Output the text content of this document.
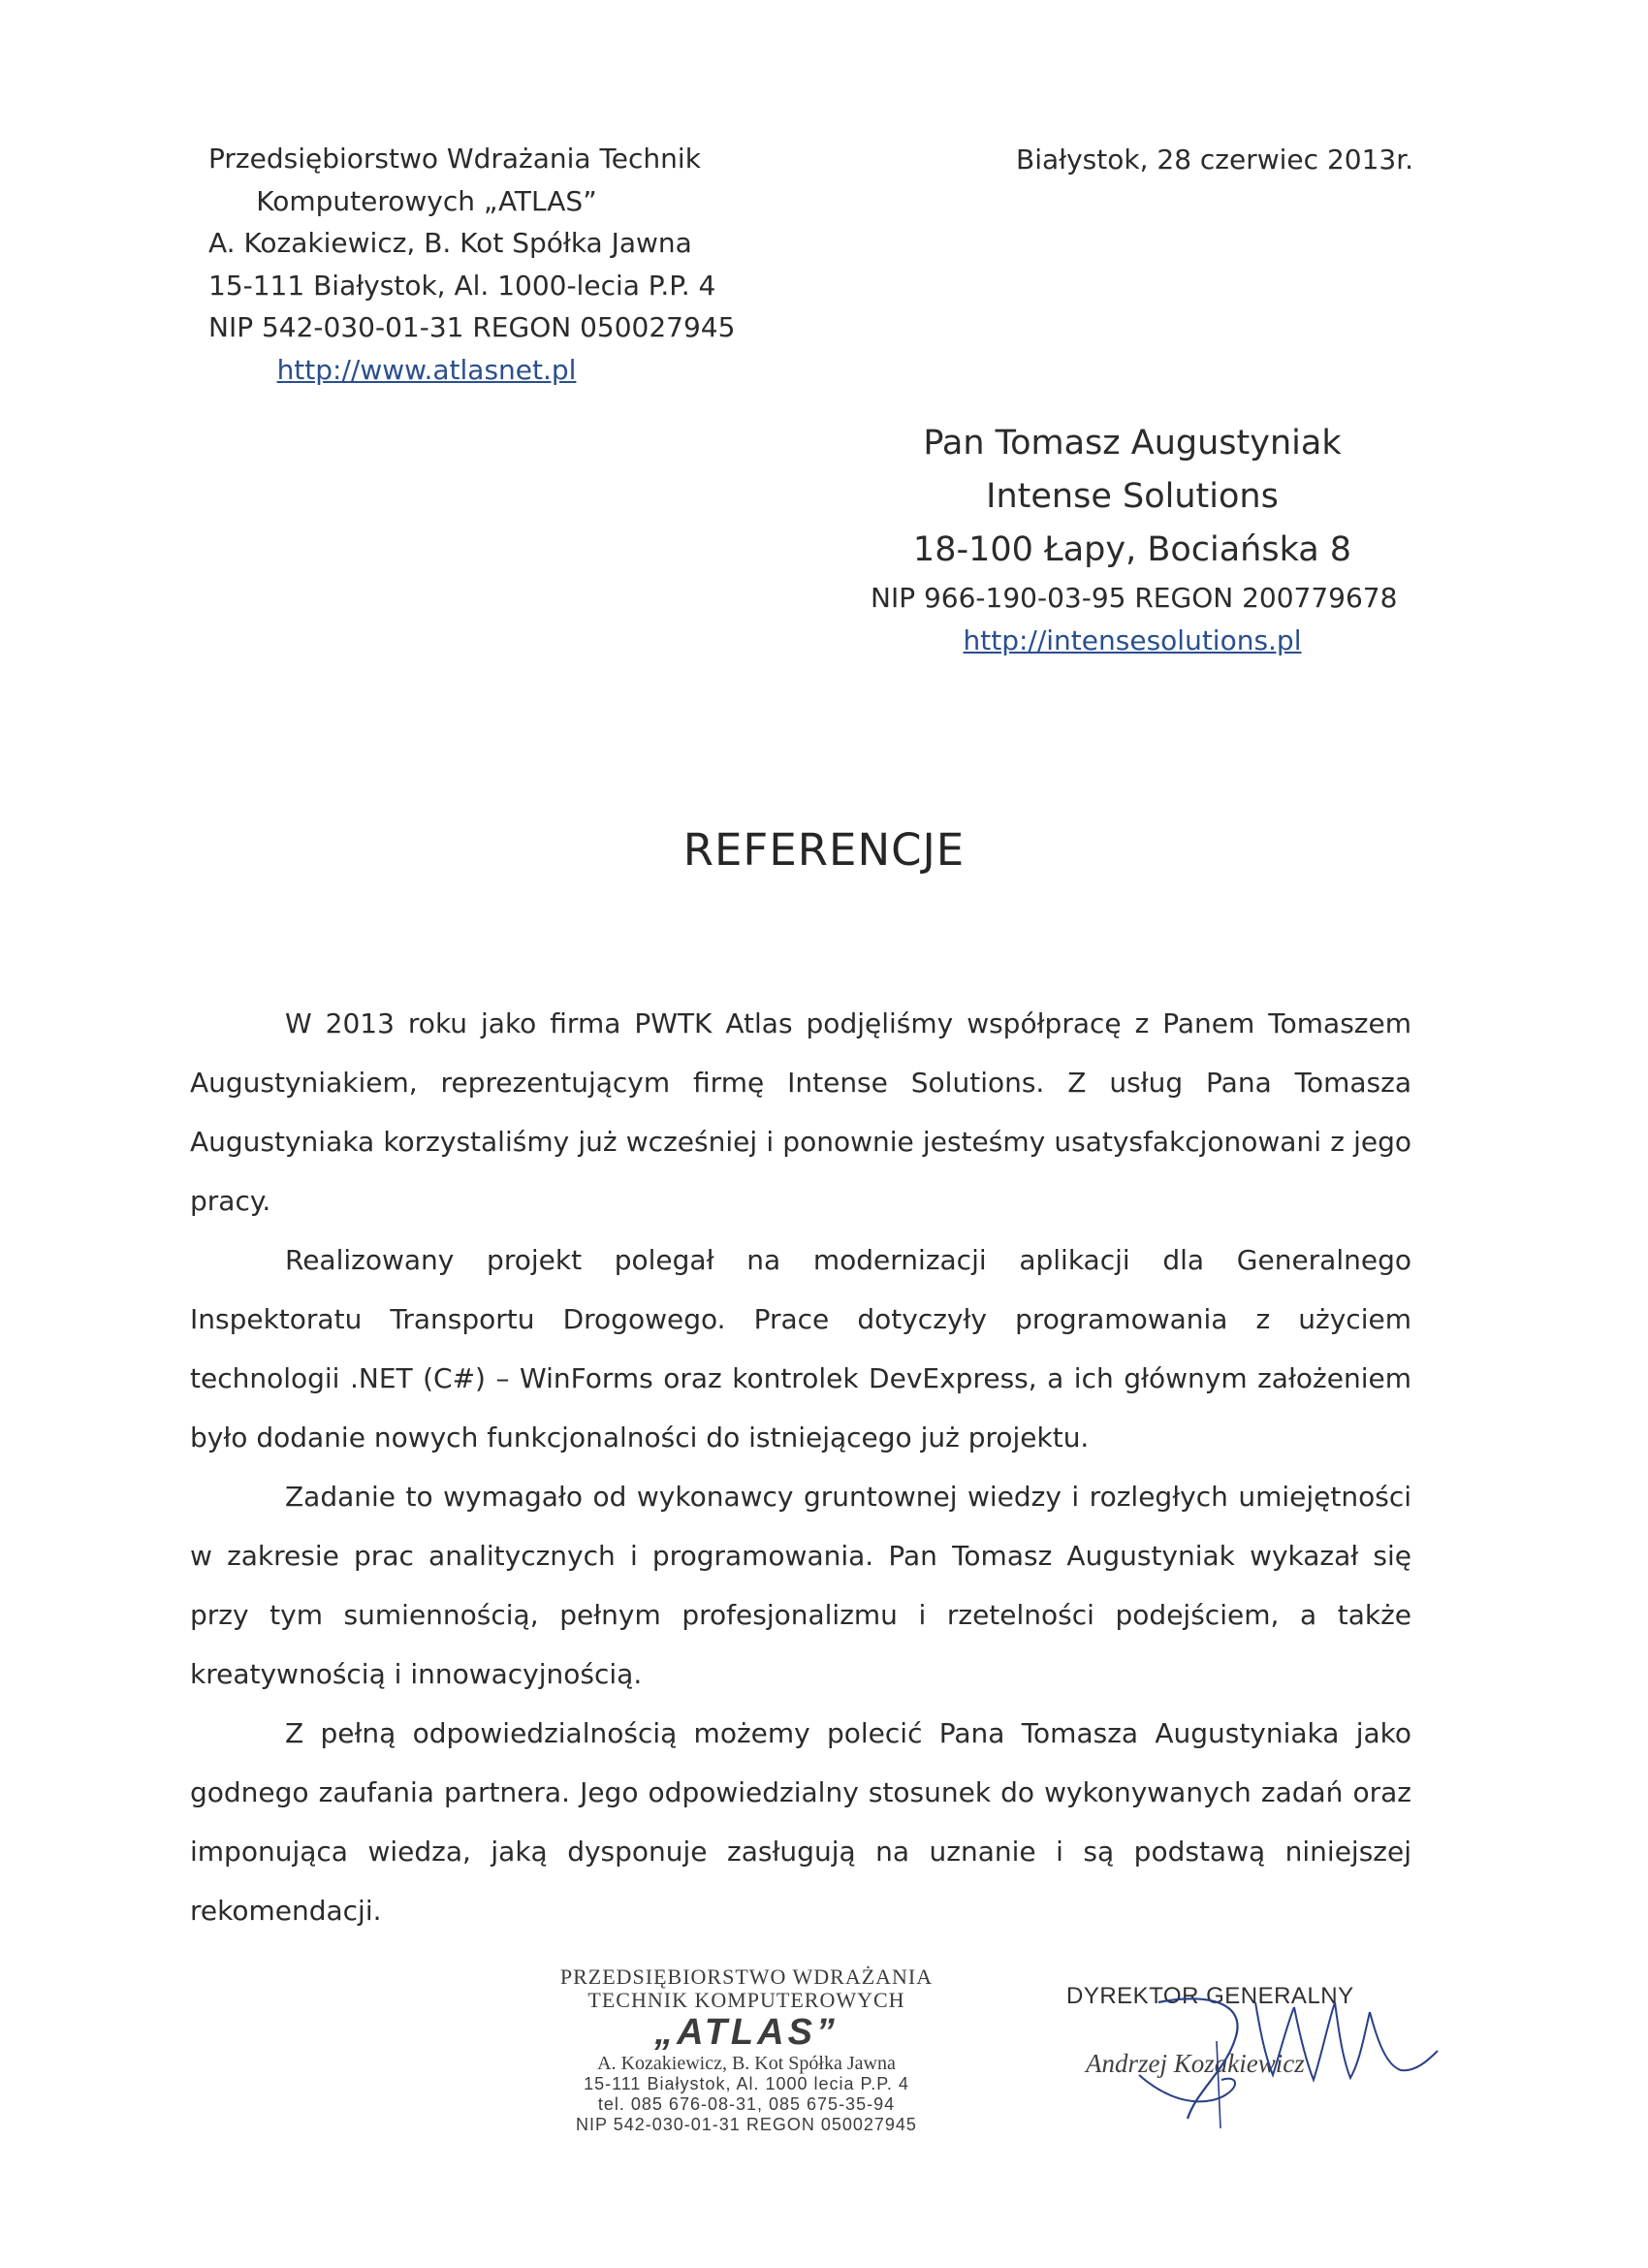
Przedsiębiorstwo Wdrażania Technik
Komputerowych „ATLAS”
A. Kozakiewicz, B. Kot Spółka Jawna
15-111 Białystok, Al. 1000-lecia P.P. 4
NIP 542-030-01-31 REGON 050027945
http://www.atlasnet.pl
Białystok, 28 czerwiec 2013r.
Pan Tomasz Augustyniak
Intense Solutions
18-100 Łapy, Bociańska 8
NIP 966-190-03-95 REGON 200779678
http://intensesolutions.pl
REFERENCJE

W 2013 roku jako firma PWTK Atlas podjęliśmy współpracę z Panem Tomaszem Augustyniakiem, reprezentującym firmę Intense Solutions. Z usług Pana Tomasza Augustyniaka korzystaliśmy już wcześniej i ponownie jesteśmy usatysfakcjonowani z jego pracy.

Realizowany projekt polegał na modernizacji aplikacji dla Generalnego Inspektoratu Transportu Drogowego. Prace dotyczyły programowania z użyciem technologii .NET (C#) – WinForms oraz kontrolek DevExpress, a ich głównym założeniem było dodanie nowych funkcjonalności do istniejącego już projektu.

Zadanie to wymagało od wykonawcy gruntownej wiedzy i rozległych umiejętności w zakresie prac analitycznych i programowania. Pan Tomasz Augustyniak wykazał się przy tym sumiennością, pełnym profesjonalizmu i rzetelności podejściem, a także kreatywnością i innowacyjnością.

Z pełną odpowiedzialnością możemy polecić Pana Tomasza Augustyniaka jako godnego zaufania partnera. Jego odpowiedzialny stosunek do wykonywanych zadań oraz imponująca wiedza, jaką dysponuje zasługują na uznanie i są podstawą niniejszej rekomendacji.

PRZEDSIĘBIORSTWO WDRAŻANIA
TECHNIK KOMPUTEROWYCH
„ATLAS”
A. Kozakiewicz, B. Kot Spółka Jawna
15-111 Białystok, Al. 1000 lecia P.P. 4
tel. 085 676-08-31, 085 675-35-94
NIP 542-030-01-31 REGON 050027945
DYREKTOR GENERALNY
Andrzej Kozakiewicz
